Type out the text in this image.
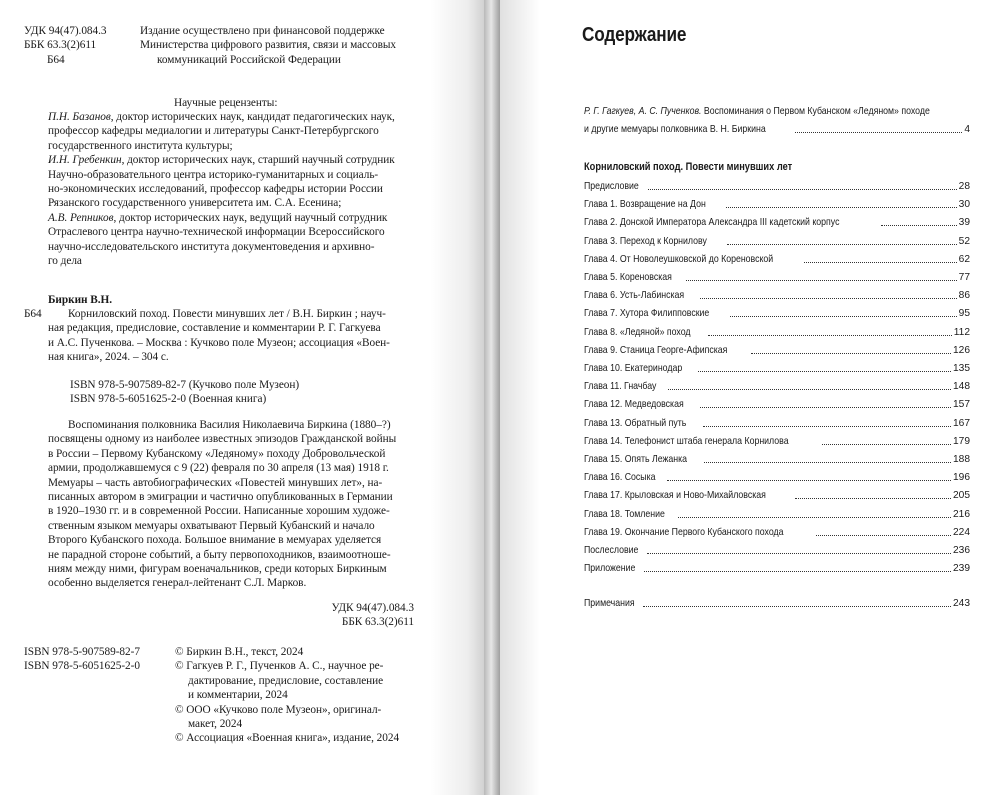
УДК 94(47).084.3
ББК 63.3(2)611
Б64
Издание осуществлено при финансовой поддержке
Министерства цифрового развития, связи и массовых
коммуникаций Российской Федерации
Научные рецензенты:
П.Н. Базанов, доктор исторических наук, кандидат педагогических наук,
профессор кафедры медиалогии и литературы Санкт-Петербургского
государственного института культуры;
И.Н. Гребенкин, доктор исторических наук, старший научный сотрудник
Научно-образовательного центра историко-гуманитарных и социаль-
но-экономических исследований, профессор кафедры истории России
Рязанского государственного университета им. С.А. Есенина;
А.В. Репников, доктор исторических наук, ведущий научный сотрудник
Отраслевого центра научно-технической информации Всероссийского
научно-исследовательского института документоведения и архивно-
го дела
Биркин В.Н.
Б64	Корниловский поход. Повести минувших лет / В.Н. Биркин ; науч-
ная редакция, предисловие, составление и комментарии Р. Г. Гагкуева
и А.С. Пученкова. – Москва : Кучково поле Музеон; ассоциация «Воен-
ная книга», 2024. – 304 с.
ISBN 978-5-907589-82-7 (Кучково поле Музеон)
ISBN 978-5-6051625-2-0 (Военная книга)
Воспоминания полковника Василия Николаевича Биркина (1880–?)
посвящены одному из наиболее известных эпизодов Гражданской войны
в России – Первому Кубанскому «Ледяному» походу Добровольческой
армии, продолжавшемуся с 9 (22) февраля по 30 апреля (13 мая) 1918 г.
Мемуары – часть автобиографических «Повестей минувших лет», на-
писанных автором в эмиграции и частично опубликованных в Германии
в 1920–1930 гг. и в современной России. Написанные хорошим художе-
ственным языком мемуары охватывают Первый Кубанский и начало
Второго Кубанского похода. Большое внимание в мемуарах уделяется
не парадной стороне событий, а быту первопоходников, взаимоотноше-
ниям между ними, фигурам военачальников, среди которых Биркиным
особенно выделяется генерал-лейтенант С.Л. Марков.
УДК 94(47).084.3
ББК 63.3(2)611
ISBN 978-5-907589-82-7
ISBN 978-5-6051625-2-0
© Биркин В.Н., текст, 2024
© Гагкуев Р. Г., Пученков А. С., научное ре-
дактирование, предисловие, составление
и комментарии, 2024
© ООО «Кучково поле Музеон», оригинал-
макет, 2024
© Ассоциация «Военная книга», издание, 2024
Содержание
Р. Г. Гагкуев, А. С. Пученков. Воспоминания о Первом Кубанском «Ледяном» походе
и другие мемуары полковника В. Н. Биркина	4
Корниловский поход. Повести минувших лет
Предисловие	28
Глава 1. Возвращение на Дон	30
Глава 2. Донской Императора Александра III кадетский корпус	39
Глава 3. Переход к Корнилову	52
Глава 4. От Новолеушковской до Кореновской	62
Глава 5. Кореновская	77
Глава 6. Усть-Лабинская	86
Глава 7. Хутора Филипповские	95
Глава 8. «Ледяной» поход	112
Глава 9. Станица Георге-Афипская	126
Глава 10. Екатеринодар	135
Глава 11. Гначбау	148
Глава 12. Медведовская	157
Глава 13. Обратный путь	167
Глава 14. Телефонист штаба генерала Корнилова	179
Глава 15. Опять Лежанка	188
Глава 16. Сосыка	196
Глава 17. Крыловская и Ново-Михайловская	205
Глава 18. Томление	216
Глава 19. Окончание Первого Кубанского похода	224
Послесловие	236
Приложение	239
Примечания	243
